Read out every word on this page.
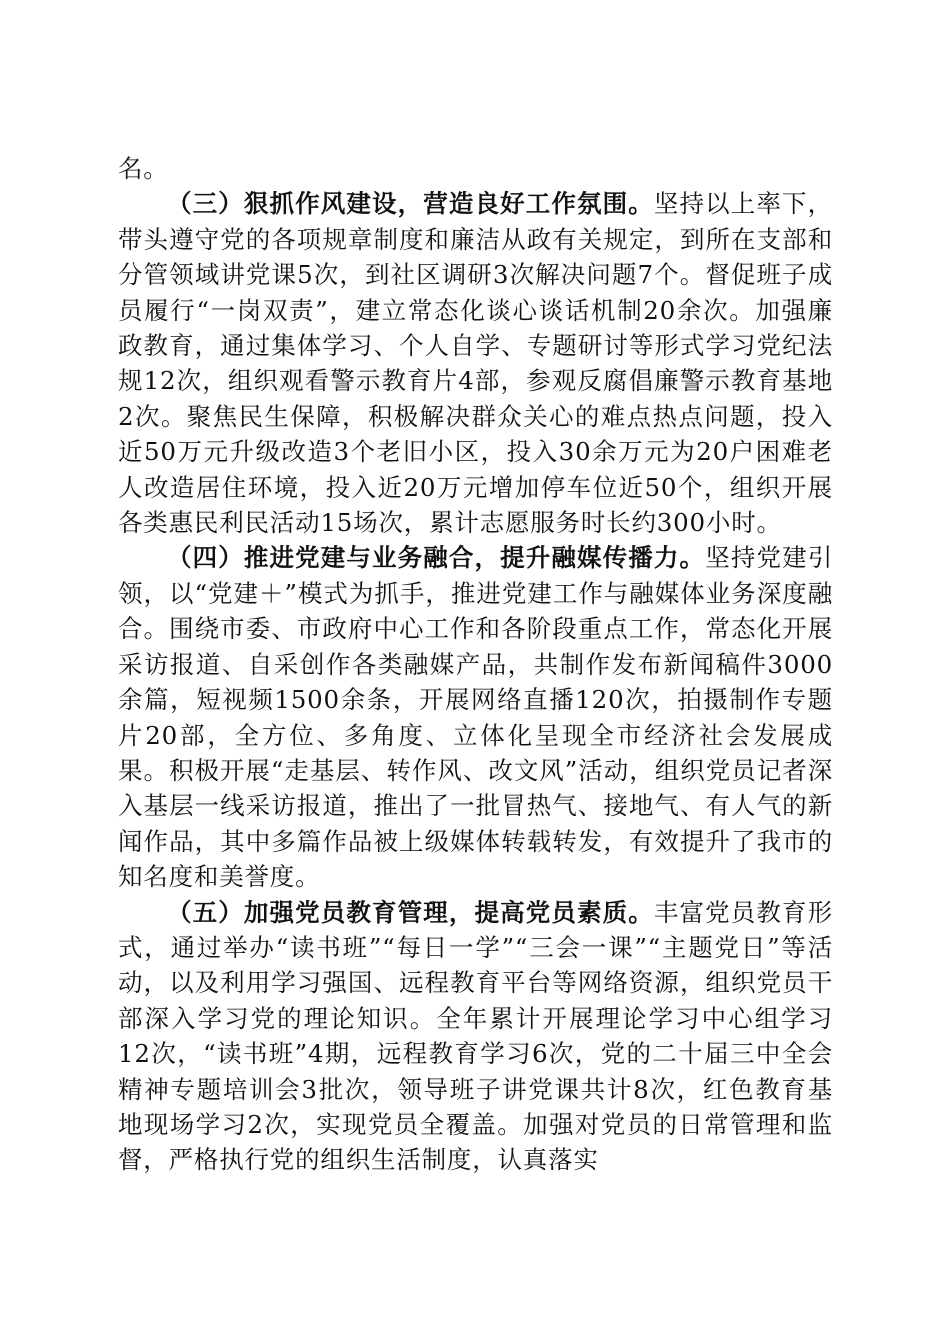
名。

（三）狠抓作风建设，营造良好工作氛围。坚持以上率下，带头遵守党的各项规章制度和廉洁从政有关规定，到所在支部和分管领域讲党课5次，到社区调研3次解决问题7个。督促班子成员履行“一岗双责”，建立常态化谈心谈话机制20余次。加强廉政教育，通过集体学习、个人自学、专题研讨等形式学习党纪法规12次，组织观看警示教育片4部，参观反腐倡廉警示教育基地2次。聚焦民生保障，积极解决群众关心的难点热点问题，投入近50万元升级改造3个老旧小区，投入30余万元为20户困难老人改造居住环境，投入近20万元增加停车位近50个，组织开展各类惠民利民活动15场次，累计志愿服务时长约300小时。

（四）推进党建与业务融合，提升融媒传播力。坚持党建引领，以“党建＋”模式为抓手，推进党建工作与融媒体业务深度融合。围绕市委、市政府中心工作和各阶段重点工作，常态化开展采访报道、自采创作各类融媒产品，共制作发布新闻稿件3000余篇，短视频1500余条，开展网络直播120次，拍摄制作专题片20部，全方位、多角度、立体化呈现全市经济社会发展成果。积极开展“走基层、转作风、改文风”活动，组织党员记者深入基层一线采访报道，推出了一批冒热气、接地气、有人气的新闻作品，其中多篇作品被上级媒体转载转发，有效提升了我市的知名度和美誉度。

（五）加强党员教育管理，提高党员素质。丰富党员教育形式，通过举办“读书班”“每日一学”“三会一课”“主题党日”等活动，以及利用学习强国、远程教育平台等网络资源，组织党员干部深入学习党的理论知识。全年累计开展理论学习中心组学习12次，“读书班”4期，远程教育学习6次，党的二十届三中全会精神专题培训会3批次，领导班子讲党课共计8次，红色教育基地现场学习2次，实现党员全覆盖。加强对党员的日常管理和监督，严格执行党的组织生活制度，认真落实
